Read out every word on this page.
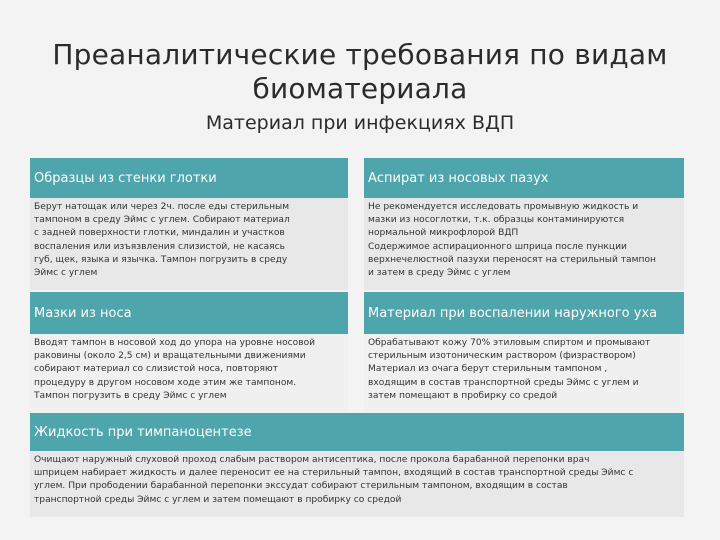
Преаналитические требования по видам биоматериала
Материал при инфекциях ВДП
Образцы из стенки глотки	Аспират из носовых пазух
Берут натощак или через 2ч. после еды стерильным
тампоном в среду Эймс с углем. Собирают материал
с задней поверхности глотки, миндалин и участков
воспаления или изъязвления слизистой, не касаясь
губ, щек, языка и язычка. Тампон погрузить в среду
Эймс с углем
Не рекомендуется исследовать промывную жидкость и
мазки из носоглотки, т.к. образцы контаминируются
нормальной микрофлорой ВДП
Содержимое аспирационного шприца после пункции
верхнечелюстной пазухи переносят на стерильный тампон
и затем в среду Эймс с углем
Мазки из носа	Материал при воспалении наружного уха
Вводят тампон в носовой ход до упора на уровне носовой
раковины (около 2,5 см) и вращательными движениями
собирают материал со слизистой носа, повторяют
процедуру в другом носовом ходе этим же тампоном.
Тампон погрузить в среду Эймс с углем
Обрабатывают кожу 70% этиловым спиртом и промывают
стерильным изотоническим раствором (физраствором)
Материал из очага берут стерильным тампоном ,
входящим в состав транспортной среды Эймс с углем и
затем помещают в пробирку со средой
Жидкость при тимпаноцентезе
Очищают наружный слуховой проход слабым раствором антисептика, после прокола барабанной перепонки врач
шприцем набирает жидкость и далее переносит ее на стерильный тампон, входящий в состав транспортной среды Эймс с
углем. При прободении барабанной перепонки экссудат собирают стерильным тампоном, входящим в состав
транспортной среды Эймс с углем и затем помещают в пробирку со средой
